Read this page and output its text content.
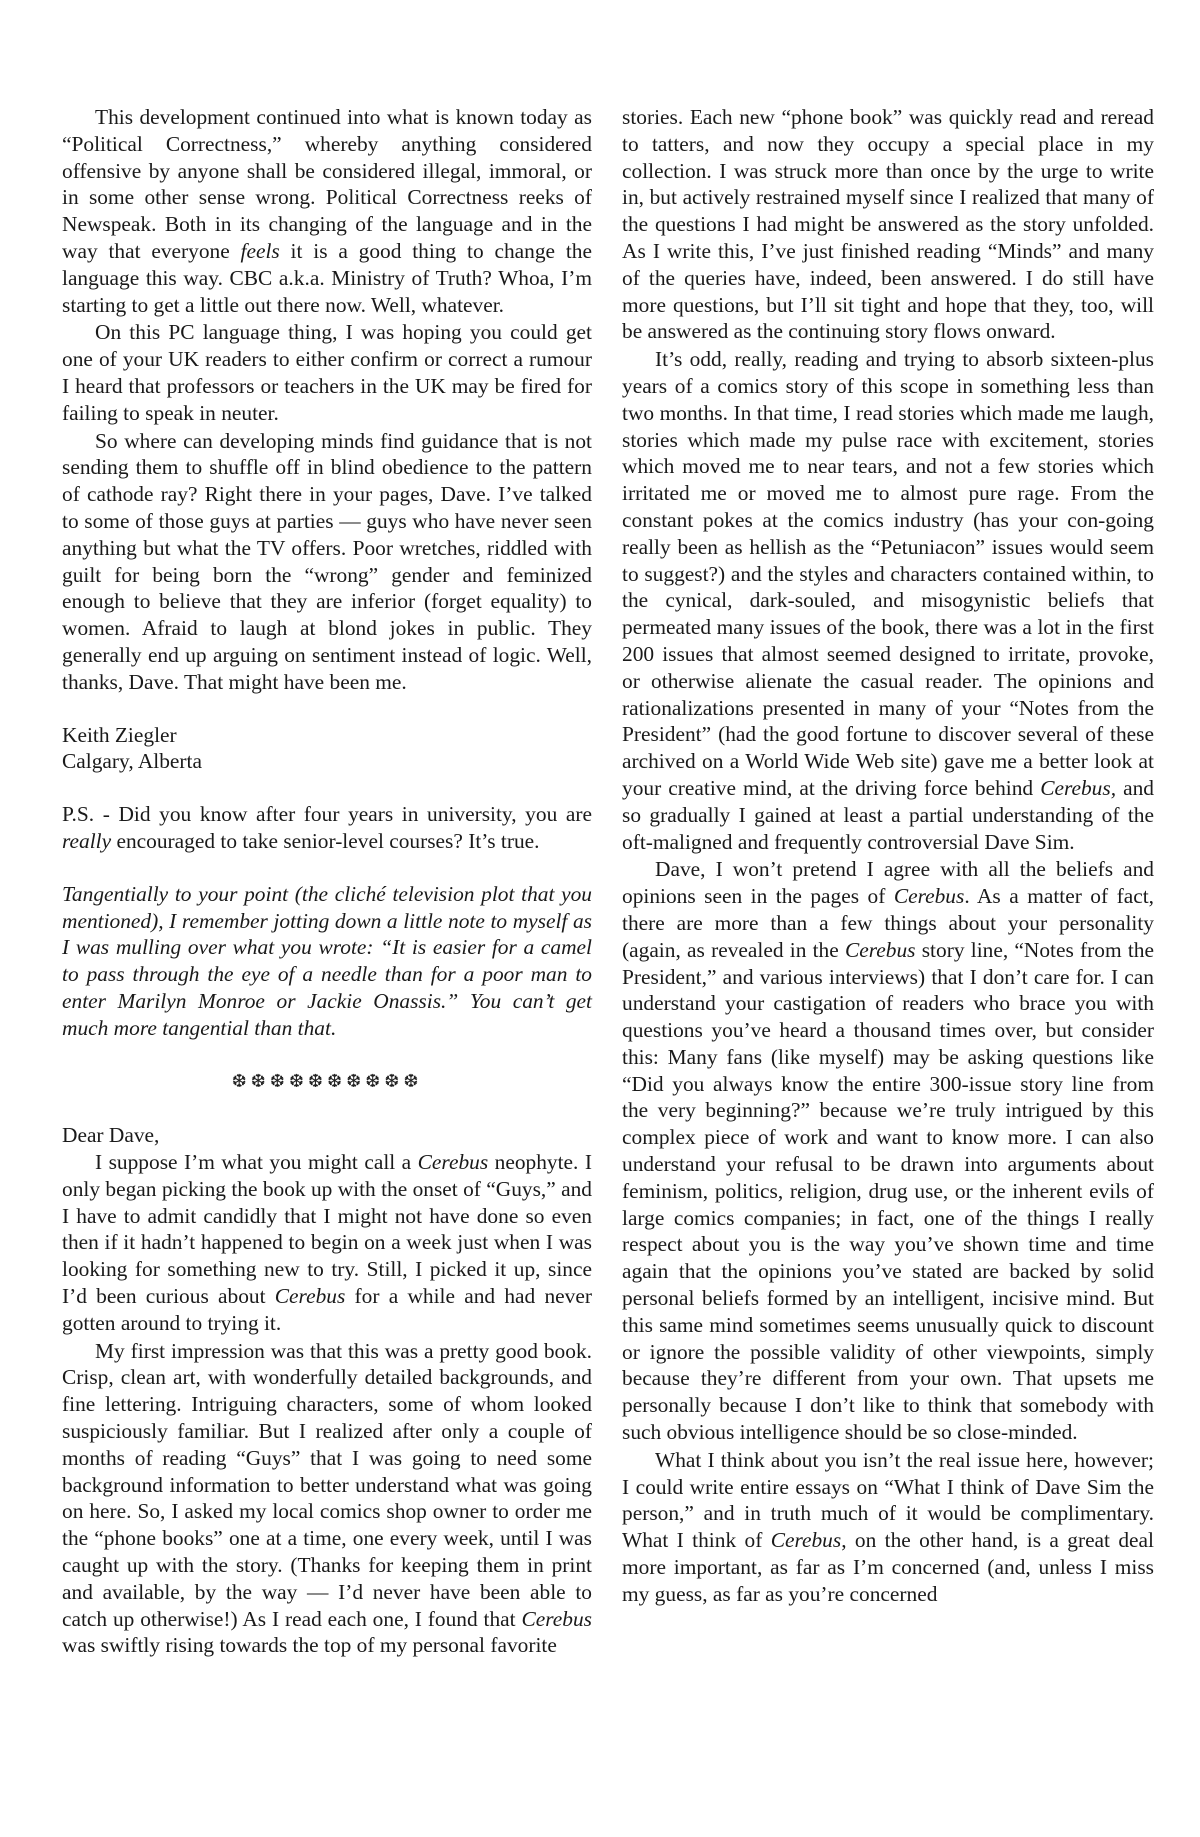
This development continued into what is known today as “Political Correctness,” whereby anything considered offensive by anyone shall be considered illegal, immoral, or in some other sense wrong. Political Correctness reeks of Newspeak. Both in its changing of the language and in the way that everyone feels it is a good thing to change the language this way. CBC a.k.a. Ministry of Truth? Whoa, I’m starting to get a little out there now. Well, whatever.

On this PC language thing, I was hoping you could get one of your UK readers to either confirm or correct a rumour I heard that professors or teachers in the UK may be fired for failing to speak in neuter.

So where can developing minds find guidance that is not sending them to shuffle off in blind obedience to the pattern of cathode ray? Right there in your pages, Dave. I’ve talked to some of those guys at parties — guys who have never seen anything but what the TV offers. Poor wretches, riddled with guilt for being born the “wrong” gender and feminized enough to believe that they are inferior (forget equality) to women. Afraid to laugh at blond jokes in public. They generally end up arguing on sentiment instead of logic. Well, thanks, Dave. That might have been me.

Keith Ziegler

Calgary, Alberta

P.S. - Did you know after four years in university, you are really encouraged to take senior-level courses? It’s true.

Tangentially to your point (the cliché television plot that you mentioned), I remember jotting down a little note to myself as I was mulling over what you wrote: “It is easier for a camel to pass through the eye of a needle than for a poor man to enter Marilyn Monroe or Jackie Onassis.” You can’t get much more tangential than that.

❆❆❆❆❆❆❆❆❆❆

Dear Dave,

I suppose I’m what you might call a Cerebus neophyte. I only began picking the book up with the onset of “Guys,” and I have to admit candidly that I might not have done so even then if it hadn’t happened to begin on a week just when I was looking for something new to try. Still, I picked it up, since I’d been curious about Cerebus for a while and had never gotten around to trying it.

My first impression was that this was a pretty good book. Crisp, clean art, with wonderfully detailed backgrounds, and fine lettering. Intriguing characters, some of whom looked suspiciously familiar. But I realized after only a couple of months of reading “Guys” that I was going to need some background information to better understand what was going on here. So, I asked my local comics shop owner to order me the “phone books” one at a time, one every week, until I was caught up with the story. (Thanks for keeping them in print and available, by the way — I’d never have been able to catch up otherwise!) As I read each one, I found that Cerebus was swiftly rising towards the top of my personal favorite

stories. Each new “phone book” was quickly read and reread to tatters, and now they occupy a special place in my collection. I was struck more than once by the urge to write in, but actively restrained myself since I realized that many of the questions I had might be answered as the story unfolded. As I write this, I’ve just finished reading “Minds” and many of the queries have, indeed, been answered. I do still have more questions, but I’ll sit tight and hope that they, too, will be answered as the continuing story flows onward.

It’s odd, really, reading and trying to absorb sixteen-plus years of a comics story of this scope in something less than two months. In that time, I read stories which made me laugh, stories which made my pulse race with excitement, stories which moved me to near tears, and not a few stories which irritated me or moved me to almost pure rage. From the constant pokes at the comics industry (has your con-going really been as hellish as the “Petuniacon” issues would seem to suggest?) and the styles and characters contained within, to the cynical, dark-souled, and misogynistic beliefs that permeated many issues of the book, there was a lot in the first 200 issues that almost seemed designed to irritate, provoke, or otherwise alienate the casual reader. The opinions and rationalizations presented in many of your “Notes from the President” (had the good fortune to discover several of these archived on a World Wide Web site) gave me a better look at your creative mind, at the driving force behind Cerebus, and so gradually I gained at least a partial understanding of the oft-maligned and frequently controversial Dave Sim.

Dave, I won’t pretend I agree with all the beliefs and opinions seen in the pages of Cerebus. As a matter of fact, there are more than a few things about your personality (again, as revealed in the Cerebus story line, “Notes from the President,” and various interviews) that I don’t care for. I can understand your castigation of readers who brace you with questions you’ve heard a thousand times over, but consider this: Many fans (like myself) may be asking questions like “Did you always know the entire 300-issue story line from the very beginning?” because we’re truly intrigued by this complex piece of work and want to know more. I can also understand your refusal to be drawn into arguments about feminism, politics, religion, drug use, or the inherent evils of large comics companies; in fact, one of the things I really respect about you is the way you’ve shown time and time again that the opinions you’ve stated are backed by solid personal beliefs formed by an intelligent, incisive mind. But this same mind sometimes seems unusually quick to discount or ignore the possible validity of other viewpoints, simply because they’re different from your own. That upsets me personally because I don’t like to think that somebody with such obvious intelligence should be so close-minded.

What I think about you isn’t the real issue here, however; I could write entire essays on “What I think of Dave Sim the person,” and in truth much of it would be complimentary. What I think of Cerebus, on the other hand, is a great deal more important, as far as I’m concerned (and, unless I miss my guess, as far as you’re concerned
